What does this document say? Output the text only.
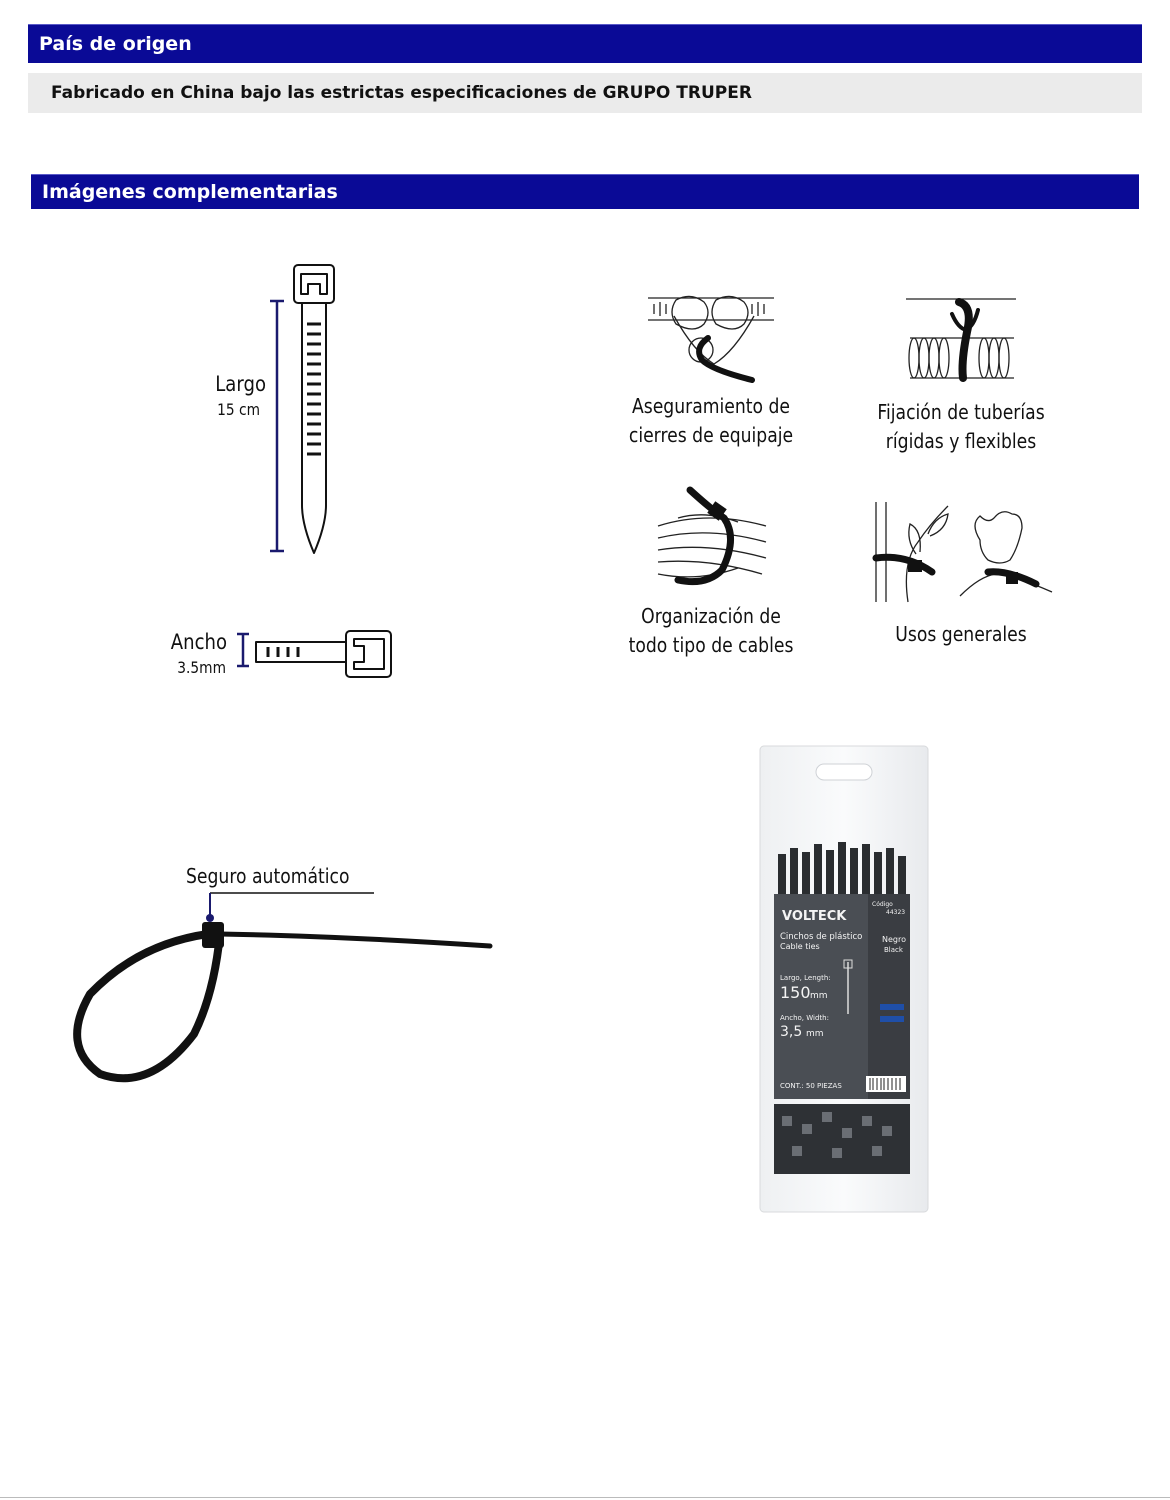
País de origen
Fabricado en China bajo las estrictas especificaciones de GRUPO TRUPER
Imágenes complementarias
Largo
15 cm
Ancho
3.5mm
Aseguramiento de
cierres de equipaje
Fijación de tuberías
rígidas y flexibles
Organización de
todo tipo de cables	Usos generales
Seguro automático
VOLTECK
Cinchos de plástico
Cable ties
Negro
Black
Código
44323
Largo, Length:
150 mm
Ancho, Width:
3,5 mm
CONT.: 50 PIEZAS
